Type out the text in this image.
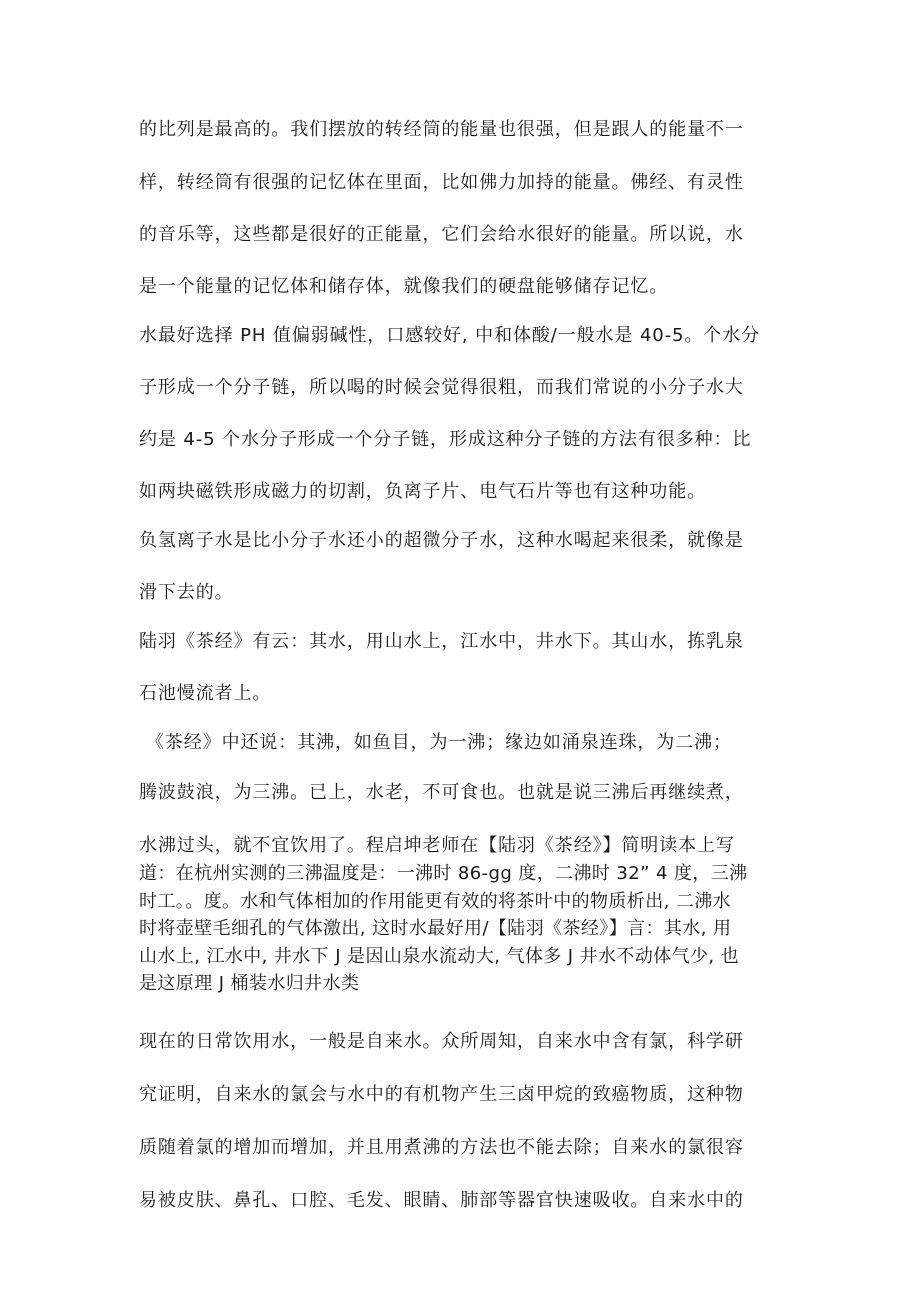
的比列是最高的。我们摆放的转经筒的能量也很强，但是跟人的能量不一

样，转经筒有很强的记忆体在里面，比如佛力加持的能量。佛经、有灵性

的音乐等，这些都是很好的正能量，它们会给水很好的能量。所以说，水

是一个能量的记忆体和储存体，就像我们的硬盘能够储存记忆。

水最好选择 PH 值偏弱碱性，口感较好, 中和体酸/一般水是 40-5。个水分

子形成一个分子链，所以喝的时候会觉得很粗，而我们常说的小分子水大

约是 4-5 个水分子形成一个分子链，形成这种分子链的方法有很多种：比

如两块磁铁形成磁力的切割，负离子片、电气石片等也有这种功能。

负氢离子水是比小分子水还小的超微分子水，这种水喝起来很柔，就像是

滑下去的。

陆羽《茶经》有云：其水，用山水上，江水中，井水下。其山水，拣乳泉

石池慢流者上。

《茶经》中还说：其沸，如鱼目，为一沸；缘边如涌泉连珠，为二沸；

腾波鼓浪，为三沸。已上，水老，不可食也。也就是说三沸后再继续煮，

水沸过头，就不宜饮用了。程启坤老师在【陆羽《茶经》】简明读本上写

道：在杭州实测的三沸温度是：一沸时 86-gg 度，二沸时 32” 4 度，三沸

时工。。度。水和气体相加的作用能更有效的将茶叶中的物质析出, 二沸水

时将壶壁毛细孔的气体激出, 这时水最好用/【陆羽《茶经》】言：其水, 用

山水上, 江水中, 井水下 J 是因山泉水流动大, 气体多 J 井水不动体气少, 也

是这原理 J 桶装水归井水类

现在的日常饮用水，一般是自来水。众所周知，自来水中含有氯，科学研

究证明，自来水的氯会与水中的有机物产生三卤甲烷的致癌物质，这种物

质随着氯的增加而增加，并且用煮沸的方法也不能去除；自来水的氯很容

易被皮肤、鼻孔、口腔、毛发、眼睛、肺部等器官快速吸收。自来水中的
